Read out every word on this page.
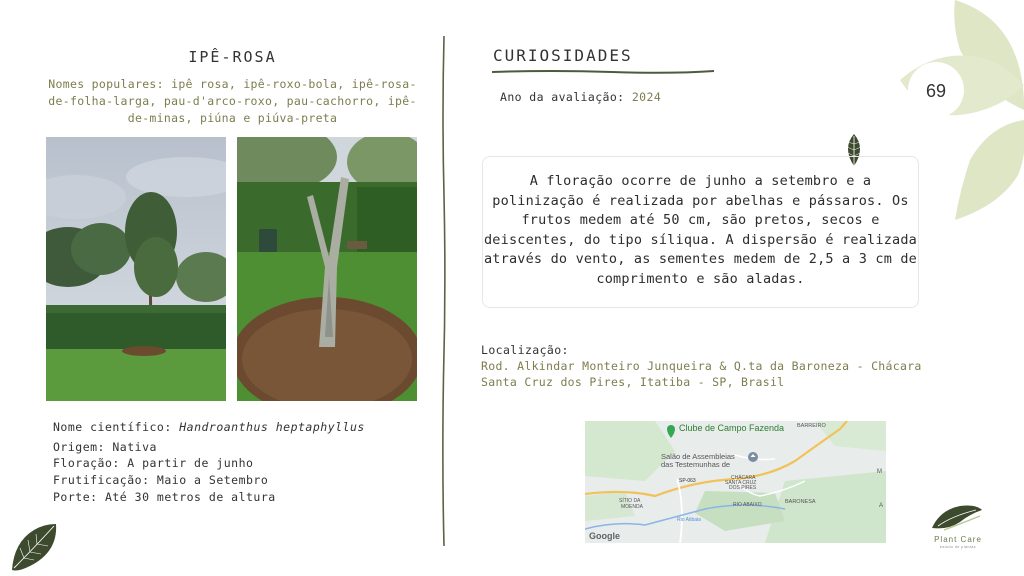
IPÊ-ROSA
Nomes populares: ipê rosa, ipê-roxo-bola, ipê-rosa-de-folha-larga, pau-d'arco-roxo, pau-cachorro, ipê-de-minas, piúna e piúva-preta
Nome científico: Handroanthus heptaphyllus
Origem: Nativa
Floração: A partir de junho
Frutificação: Maio a Setembro
Porte: Até 30 metros de altura
CURIOSIDADES
Ano da avaliação: 2024
A floração ocorre de junho a setembro e a polinização é realizada por abelhas e pássaros. Os frutos medem até 50 cm, são pretos, secos e deiscentes, do tipo síliqua. A dispersão é realizada através do vento, as sementes medem de 2,5 a 3 cm de comprimento e são aladas.
Localização:
Rod. Alkindar Monteiro Junqueira & Q.ta da Baroneza - Chácara Santa Cruz dos Pires, Itatiba - SP, Brasil
Clube de Campo Fazenda BARREIRO
Salão de Assembleias
das Testemunhas de
SP-063	CHÁCARA
SANTA CRUZ
DOS PIRES
SÍTIO DA
MOENDA
BARONESA
RIO ABAIXO
Rio Atibaia
M
A
Google
69
Plant Care
estudo de plantas
